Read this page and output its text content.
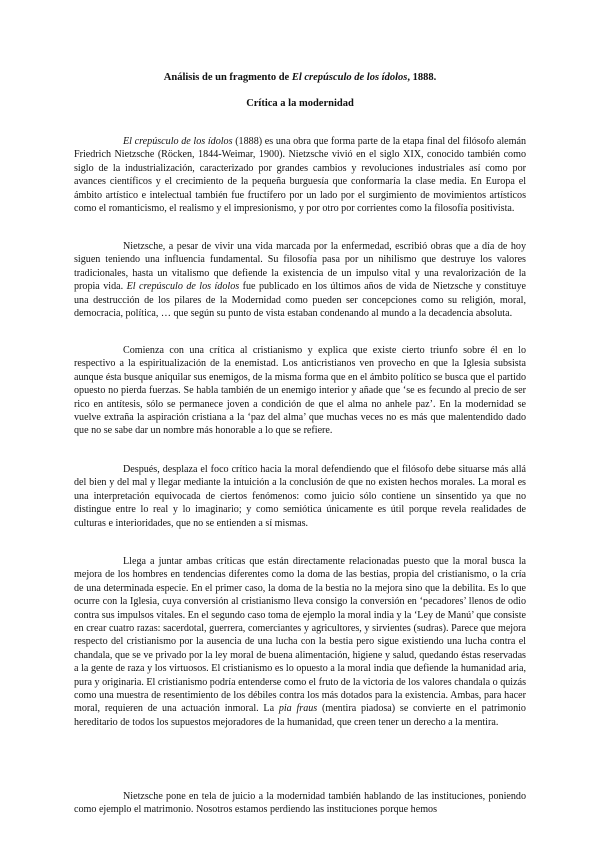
Análisis de un fragmento de El crepúsculo de los ídolos, 1888.
Crítica a la modernidad

El crepúsculo de los ídolos (1888) es una obra que forma parte de la etapa final del filósofo alemán Friedrich Nietzsche (Röcken, 1844-Weimar, 1900). Nietzsche vivió en el siglo XIX, conocido también como siglo de la industrialización, caracterizado por grandes cambios y revoluciones industriales así como por avances científicos y el crecimiento de la pequeña burguesía que conformaría la clase media. En Europa el ámbito artístico e intelectual también fue fructífero por un lado por el surgimiento de movimientos artísticos como el romanticismo, el realismo y el impresionismo, y por otro por corrientes como la filosofía positivista.

Nietzsche, a pesar de vivir una vida marcada por la enfermedad, escribió obras que a día de hoy siguen teniendo una influencia fundamental. Su filosofía pasa por un nihilismo que destruye los valores tradicionales, hasta un vitalismo que defiende la existencia de un impulso vital y una revalorización de la propia vida. El crepúsculo de los ídolos fue publicado en los últimos años de vida de Nietzsche y constituye una destrucción de los pilares de la Modernidad como pueden ser concepciones como su religión, moral, democracia, política, … que según su punto de vista estaban condenando al mundo a la decadencia absoluta.

Comienza con una crítica al cristianismo y explica que existe cierto triunfo sobre él en lo respectivo a la espiritualización de la enemistad. Los anticristianos ven provecho en que la Iglesia subsista aunque ésta busque aniquilar sus enemigos, de la misma forma que en el ámbito político se busca que el partido opuesto no pierda fuerzas. Se habla también de un enemigo interior y añade que ‘se es fecundo al precio de ser rico en antítesis, sólo se permanece joven a condición de que el alma no anhele paz’. En la modernidad se vuelve extraña la aspiración cristiana a la ‘paz del alma’ que muchas veces no es más que malentendido dado que no se sabe dar un nombre más honorable a lo que se refiere.

Después, desplaza el foco crítico hacia la moral defendiendo que el filósofo debe situarse más allá del bien y del mal y llegar mediante la intuición a la conclusión de que no existen hechos morales. La moral es una interpretación equivocada de ciertos fenómenos: como juicio sólo contiene un sinsentido ya que no distingue entre lo real y lo imaginario; y como semiótica únicamente es útil porque revela realidades de culturas e interioridades, que no se entienden a sí mismas.

Llega a juntar ambas críticas que están directamente relacionadas puesto que la moral busca la mejora de los hombres en tendencias diferentes como la doma de las bestias, propia del cristianismo, o la cría de una determinada especie. En el primer caso, la doma de la bestia no la mejora sino que la debilita. Es lo que ocurre con la Iglesia, cuya conversión al cristianismo lleva consigo la conversión en ‘pecadores’ llenos de odio contra sus impulsos vitales. En el segundo caso toma de ejemplo la moral india y la ‘Ley de Manú’ que consiste en crear cuatro razas: sacerdotal, guerrera, comerciantes y agricultores, y sirvientes (sudras). Parece que mejora respecto del cristianismo por la ausencia de una lucha con la bestia pero sigue existiendo una lucha contra el chandala, que se ve privado por la ley moral de buena alimentación, higiene y salud, quedando éstas reservadas a la gente de raza y los virtuosos. El cristianismo es lo opuesto a la moral india que defiende la humanidad aria, pura y originaria. El cristianismo podría entenderse como el fruto de la victoria de los valores chandala o quizás como una muestra de resentimiento de los débiles contra los más dotados para la existencia. Ambas, para hacer moral, requieren de una actuación inmoral. La pia fraus (mentira piadosa) se convierte en el patrimonio hereditario de todos los supuestos mejoradores de la humanidad, que creen tener un derecho a la mentira.

Nietzsche pone en tela de juicio a la modernidad también hablando de las instituciones, poniendo como ejemplo el matrimonio. Nosotros estamos perdiendo las instituciones porque hemos
